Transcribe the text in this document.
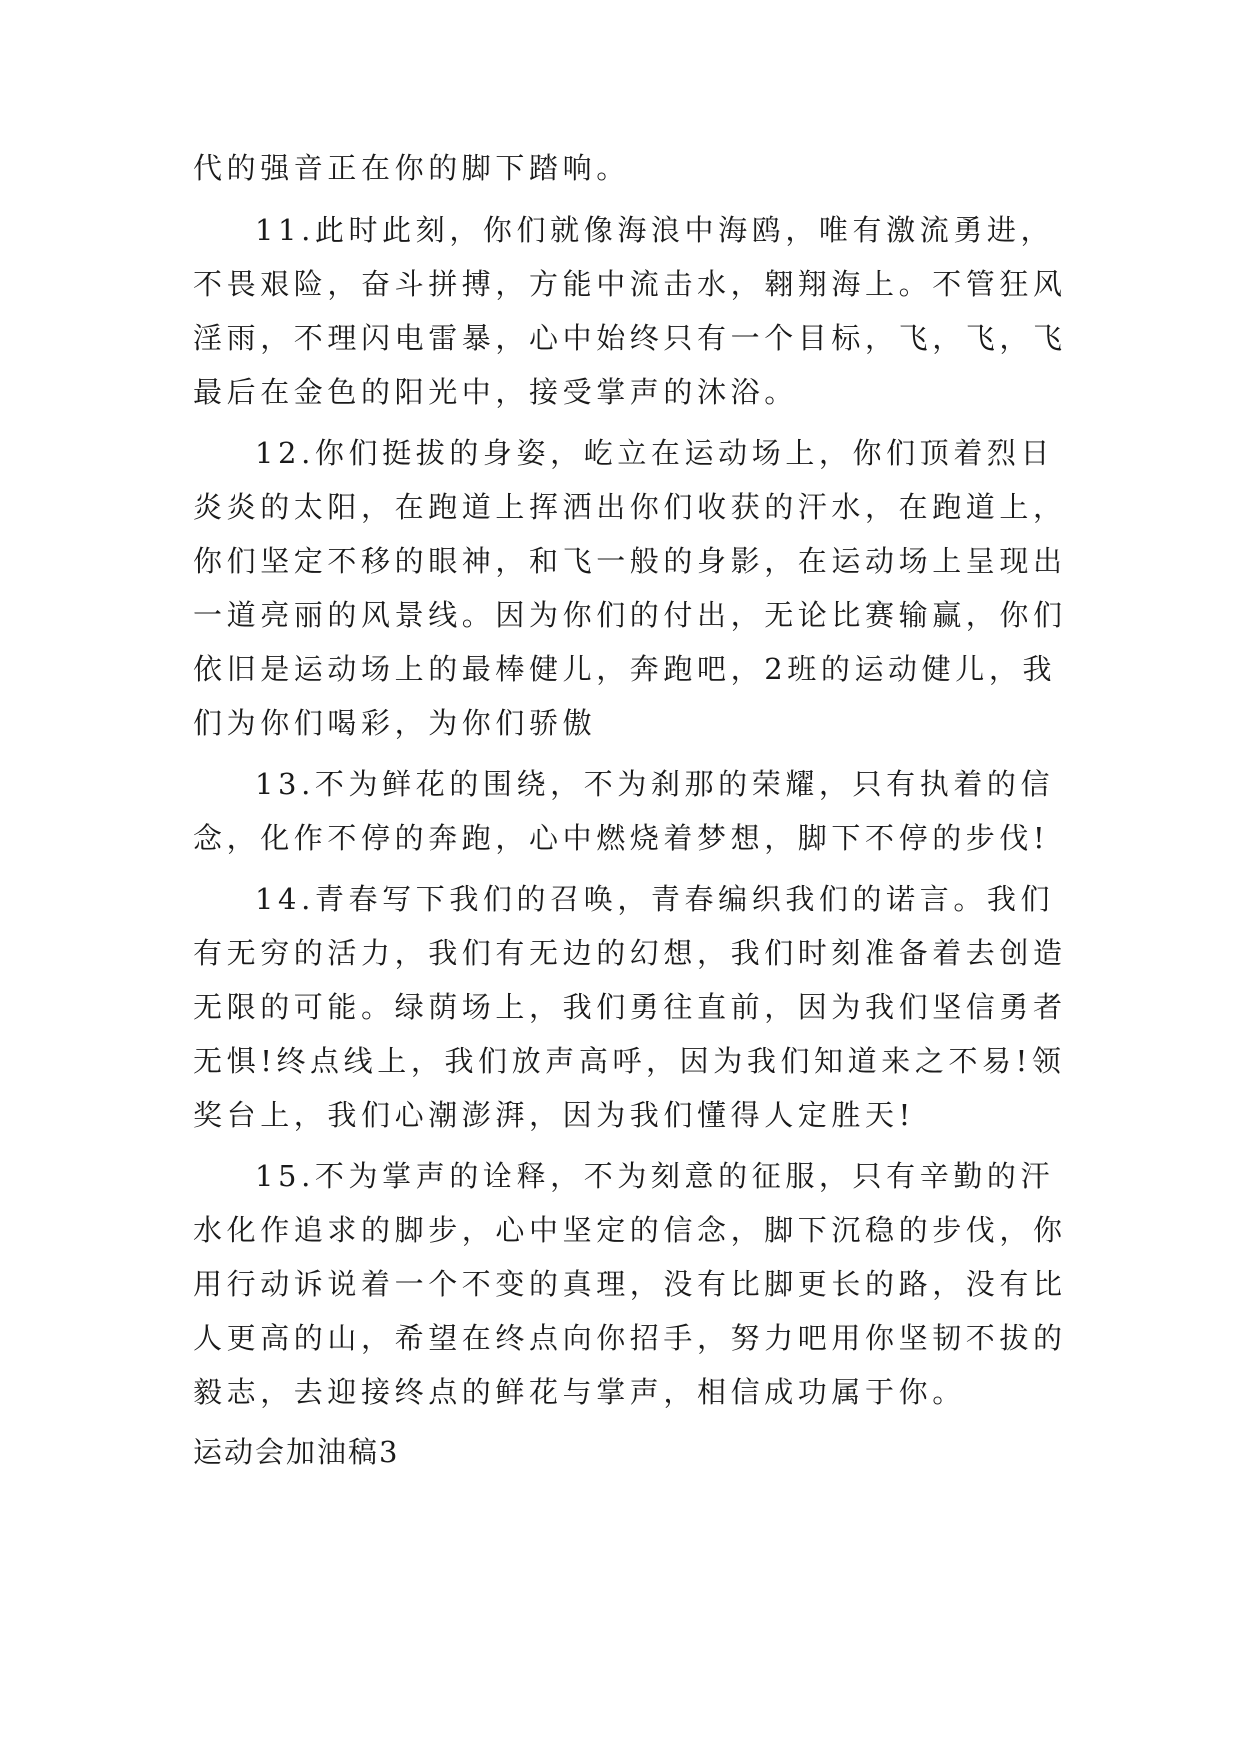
代的强音正在你的脚下踏响。
11.此时此刻，你们就像海浪中海鸥，唯有激流勇进，
不畏艰险，奋斗拼搏，方能中流击水，翱翔海上。不管狂风
淫雨，不理闪电雷暴，心中始终只有一个目标，飞，飞，飞
最后在金色的阳光中，接受掌声的沐浴。
12.你们挺拔的身姿，屹立在运动场上，你们顶着烈日
炎炎的太阳，在跑道上挥洒出你们收获的汗水，在跑道上，
你们坚定不移的眼神，和飞一般的身影，在运动场上呈现出
一道亮丽的风景线。因为你们的付出，无论比赛输赢，你们
依旧是运动场上的最棒健儿，奔跑吧，2班的运动健儿，我
们为你们喝彩，为你们骄傲
13.不为鲜花的围绕，不为刹那的荣耀，只有执着的信
念，化作不停的奔跑，心中燃烧着梦想，脚下不停的步伐!
14.青春写下我们的召唤，青春编织我们的诺言。我们
有无穷的活力，我们有无边的幻想，我们时刻准备着去创造
无限的可能。绿荫场上，我们勇往直前，因为我们坚信勇者
无惧!终点线上，我们放声高呼，因为我们知道来之不易!领
奖台上，我们心潮澎湃，因为我们懂得人定胜天!
15.不为掌声的诠释，不为刻意的征服，只有辛勤的汗
水化作追求的脚步，心中坚定的信念，脚下沉稳的步伐，你
用行动诉说着一个不变的真理，没有比脚更长的路，没有比
人更高的山，希望在终点向你招手，努力吧用你坚韧不拔的
毅志，去迎接终点的鲜花与掌声，相信成功属于你。
运动会加油稿3
